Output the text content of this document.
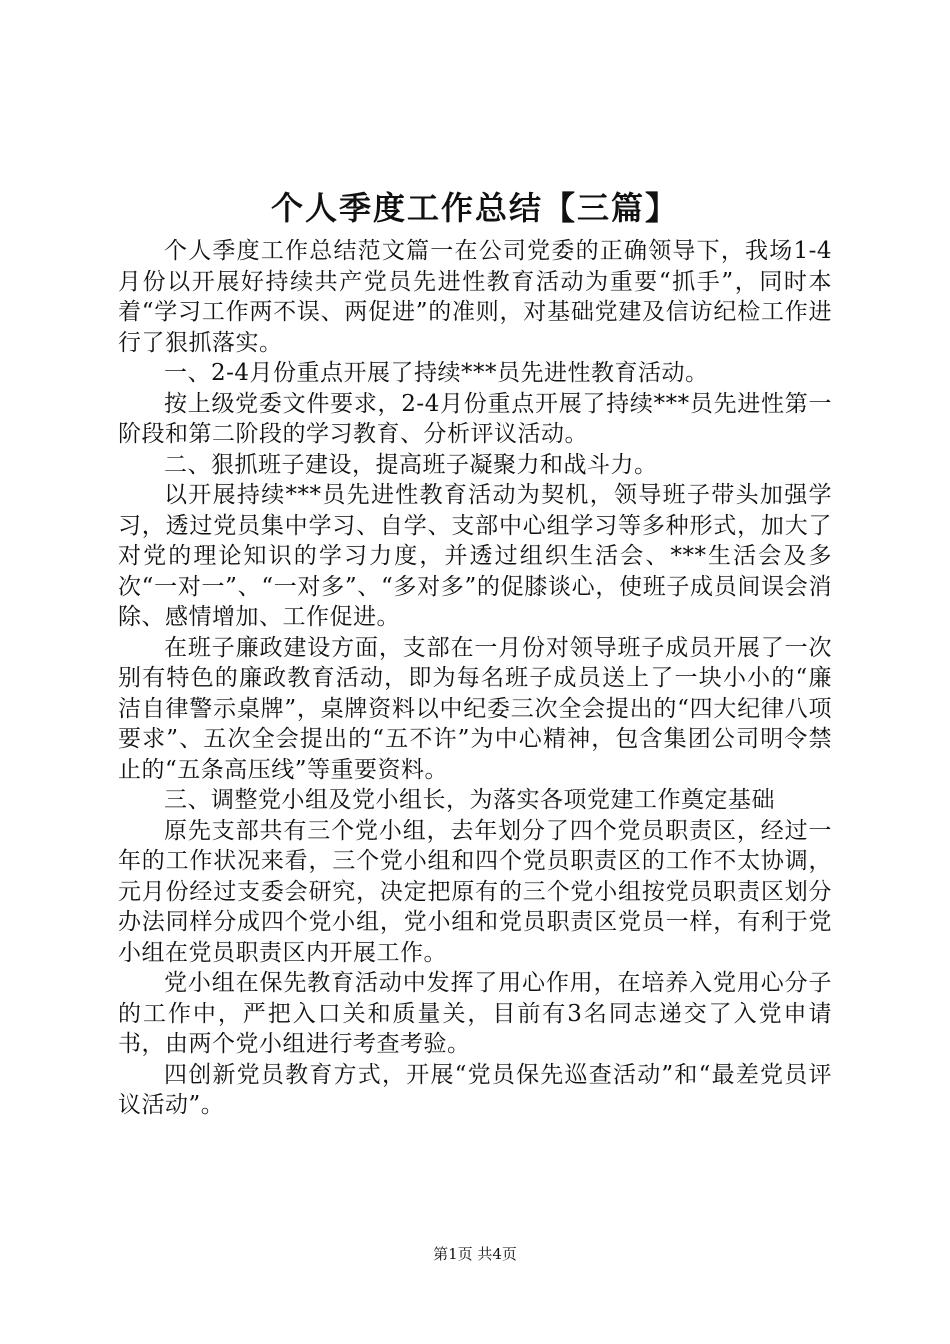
个人季度工作总结【三篇】

个人季度工作总结范文篇一在公司党委的正确领导下，我场1-4月份以开展好持续共产党员先进性教育活动为重要“抓手”，同时本着“学习工作两不误、两促进”的准则，对基础党建及信访纪检工作进行了狠抓落实。

一、2-4月份重点开展了持续***员先进性教育活动。

按上级党委文件要求，2-4月份重点开展了持续***员先进性第一阶段和第二阶段的学习教育、分析评议活动。

二、狠抓班子建设，提高班子凝聚力和战斗力。

以开展持续***员先进性教育活动为契机，领导班子带头加强学习，透过党员集中学习、自学、支部中心组学习等多种形式，加大了对党的理论知识的学习力度，并透过组织生活会、***生活会及多次“一对一”、“一对多”、“多对多”的促膝谈心，使班子成员间误会消除、感情增加、工作促进。

在班子廉政建设方面，支部在一月份对领导班子成员开展了一次别有特色的廉政教育活动，即为每名班子成员送上了一块小小的“廉洁自律警示桌牌”，桌牌资料以中纪委三次全会提出的“四大纪律八项要求”、五次全会提出的“五不许”为中心精神，包含集团公司明令禁止的“五条高压线”等重要资料。

三、调整党小组及党小组长，为落实各项党建工作奠定基础

原先支部共有三个党小组，去年划分了四个党员职责区，经过一年的工作状况来看，三个党小组和四个党员职责区的工作不太协调，元月份经过支委会研究，决定把原有的三个党小组按党员职责区划分办法同样分成四个党小组，党小组和党员职责区党员一样，有利于党小组在党员职责区内开展工作。

党小组在保先教育活动中发挥了用心作用，在培养入党用心分子的工作中，严把入口关和质量关，目前有3名同志递交了入党申请书，由两个党小组进行考查考验。

四创新党员教育方式，开展“党员保先巡查活动”和“最差党员评议活动”。

第1页 共4页
